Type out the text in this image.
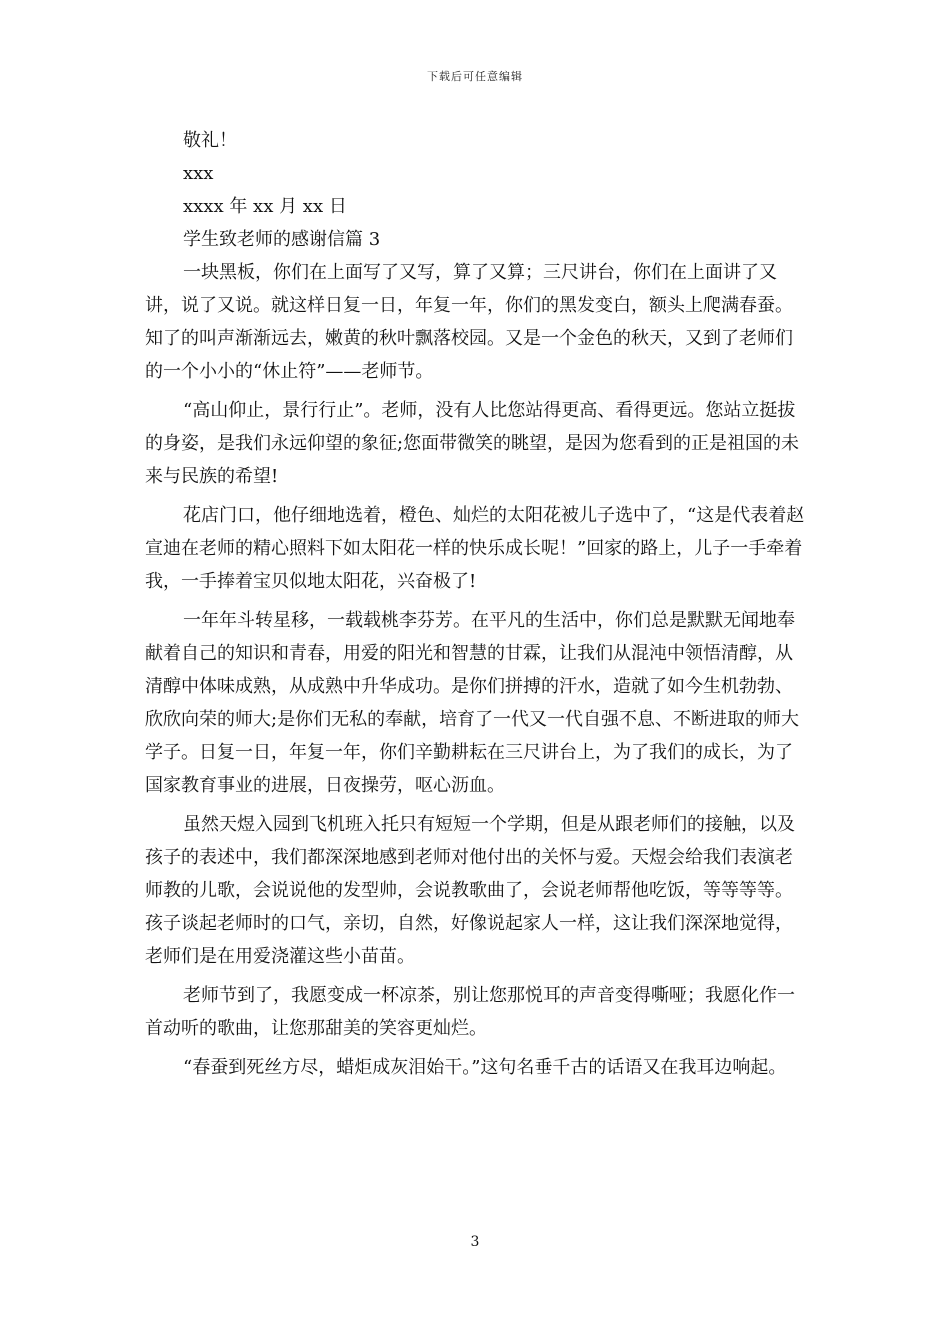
下载后可任意编辑

敬礼！

xxx

xxxx 年 xx 月 xx 日

学生致老师的感谢信篇 3

一块黑板，你们在上面写了又写，算了又算；三尺讲台，你们在上面讲了又讲，说了又说。就这样日复一日，年复一年，你们的黑发变白，额头上爬满春蚕。知了的叫声渐渐远去，嫩黄的秋叶飘落校园。又是一个金色的秋天，又到了老师们的一个小小的“休止符”——老师节。

“高山仰止，景行行止”。老师，没有人比您站得更高、看得更远。您站立挺拔的身姿，是我们永远仰望的象征;您面带微笑的眺望，是因为您看到的正是祖国的未来与民族的希望!

花店门口，他仔细地选着，橙色、灿烂的太阳花被儿子选中了，“这是代表着赵宣迪在老师的精心照料下如太阳花一样的快乐成长呢！”回家的路上，儿子一手牵着我，一手捧着宝贝似地太阳花，兴奋极了!

一年年斗转星移，一载载桃李芬芳。在平凡的生活中，你们总是默默无闻地奉献着自己的知识和青春，用爱的阳光和智慧的甘霖，让我们从混沌中领悟清醇，从清醇中体味成熟，从成熟中升华成功。是你们拼搏的汗水，造就了如今生机勃勃、欣欣向荣的师大;是你们无私的奉献，培育了一代又一代自强不息、不断进取的师大学子。日复一日，年复一年，你们辛勤耕耘在三尺讲台上，为了我们的成长，为了国家教育事业的进展，日夜操劳，呕心沥血。

虽然天煜入园到飞机班入托只有短短一个学期，但是从跟老师们的接触，以及孩子的表述中，我们都深深地感到老师对他付出的关怀与爱。天煜会给我们表演老师教的儿歌，会说说他的发型帅，会说教歌曲了，会说老师帮他吃饭，等等等等。孩子谈起老师时的口气，亲切，自然，好像说起家人一样，这让我们深深地觉得，老师们是在用爱浇灌这些小苗苗。

老师节到了，我愿变成一杯凉茶，别让您那悦耳的声音变得嘶哑；我愿化作一首动听的歌曲，让您那甜美的笑容更灿烂。

“春蚕到死丝方尽，蜡炬成灰泪始干。”这句名垂千古的话语又在我耳边响起。

3
